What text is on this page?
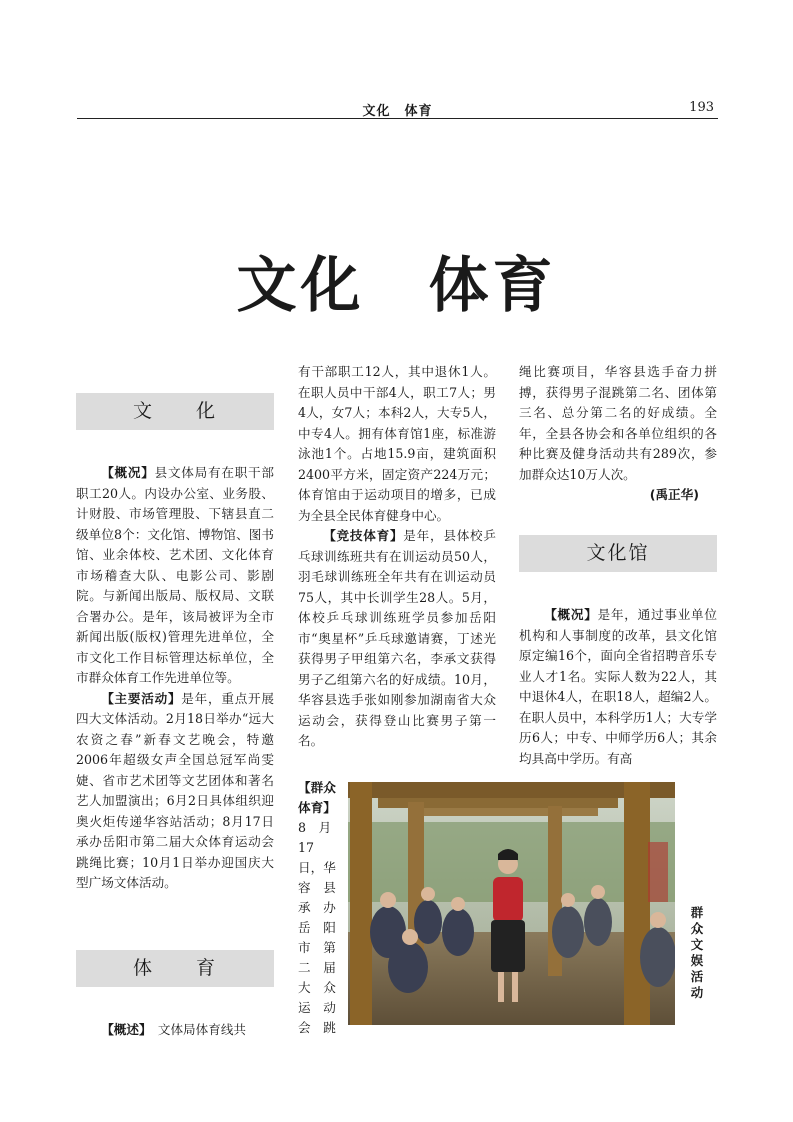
文化　体育	193
文化　体育
文　　化

【概况】县文体局有在职干部职工20人。内设办公室、业务股、计财股、市场管理股、下辖县直二级单位8个：文化馆、博物馆、图书馆、业余体校、艺术团、文化体育市场稽查大队、电影公司、影剧院。与新闻出版局、版权局、文联合署办公。是年，该局被评为全市新闻出版(版权)管理先进单位，全市文化工作目标管理达标单位，全市群众体育工作先进单位等。

【主要活动】是年，重点开展四大文体活动。2月18日举办“远大农资之春”新春文艺晚会，特邀2006年超级女声全国总冠军尚雯婕、省市艺术团等文艺团体和著名艺人加盟演出；6月2日具体组织迎奥火炬传递华容站活动；8月17日承办岳阳市第二届大众体育运动会跳绳比赛；10月1日举办迎国庆大型广场文体活动。

体　　育

【概述】　 文体局体育线共

有干部职工12人，其中退休1人。在职人员中干部4人，职工7人；男4人，女7人；本科2人，大专5人，中专4人。拥有体育馆1座，标准游泳池1个。占地15.9亩，建筑面积2400平方米，固定资产224万元；体育馆由于运动项目的增多，已成为全县全民体育健身中心。

【竞技体育】是年，县体校乒乓球训练班共有在训运动员50人，羽毛球训练班全年共有在训运动员75人，其中长训学生28人。5月，体校乒乓球训练班学员参加岳阳市“奥星杯”乒乓球邀请赛，丁述光获得男子甲组第六名，李承文获得男子乙组第六名的好成绩。10月，华容县选手张如刚参加湖南省大众运动会，获得登山比赛男子第一名。

【群众
体育】
8　月
17
日，华
容　县
承　办
岳　阳
市　第
二　届
大　众
运　动
会　跳

绳比赛项目，华容县选手奋力拼搏，获得男子混跳第二名、团体第三名、总分第二名的好成绩。全年，全县各协会和各单位组织的各种比赛及健身活动共有289次，参加群众达10万人次。

(禹正华)
文化馆

【概况】是年，通过事业单位机构和人事制度的改革，县文化馆原定编16个，面向全省招聘音乐专业人才1名。实际人数为22人，其中退休4人，在职18人，超编2人。在职人员中，本科学历1人；大专学历6人；中专、中师学历6人；其余均具高中学历。有高

群众文娱活动
